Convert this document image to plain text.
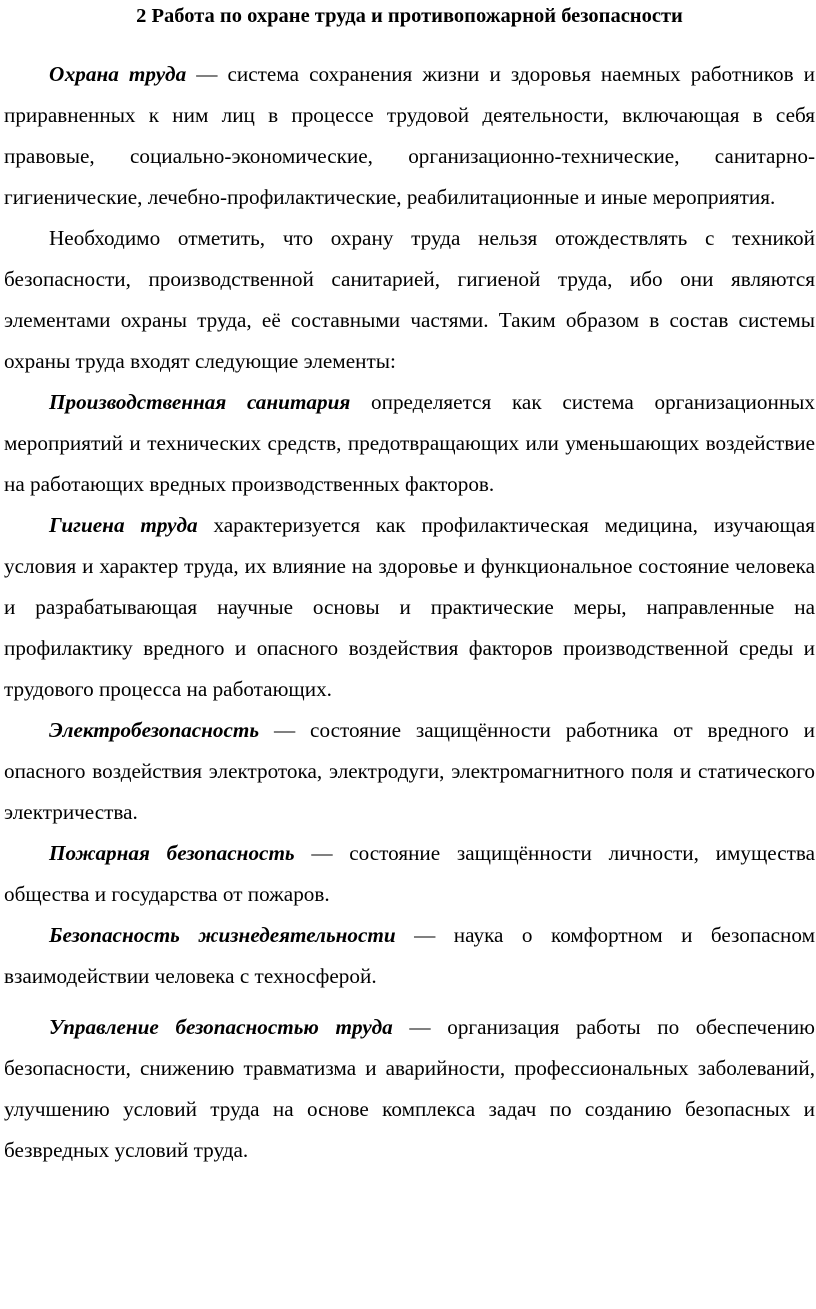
2 Работа по охране труда и противопожарной безопасности

Охрана труда — система сохранения жизни и здоровья наемных работников и приравненных к ним лиц в процессе трудовой деятельности, включающая в себя правовые, социально-экономические, организационно-технические, санитарно-гигиенические, лечебно-профилактические, реабилитационные и иные мероприятия.

Необходимо отметить, что охрану труда нельзя отождествлять с техникой безопасности, производственной санитарией, гигиеной труда, ибо они являются элементами охраны труда, её составными частями. Таким образом в состав системы охраны труда входят следующие элементы:

Производственная санитария определяется как система организационных мероприятий и технических средств, предотвращающих или уменьшающих воздействие на работающих вредных производственных факторов.

Гигиена труда характеризуется как профилактическая медицина, изучающая условия и характер труда, их влияние на здоровье и функциональное состояние человека и разрабатывающая научные основы и практические меры, направленные на профилактику вредного и опасного воздействия факторов производственной среды и трудового процесса на работающих.

Электробезопасность — состояние защищённости работника от вредного и опасного воздействия электротока, электродуги, электромагнитного поля и статического электричества.

Пожарная безопасность — состояние защищённости личности, имущества общества и государства от пожаров.

Безопасность жизнедеятельности — наука о комфортном и безопасном взаимодействии человека с техносферой.

Управление безопасностью труда — организация работы по обеспечению безопасности, снижению травматизма и аварийности, профессиональных заболеваний, улучшению условий труда на основе комплекса задач по созданию безопасных и безвредных условий труда.
